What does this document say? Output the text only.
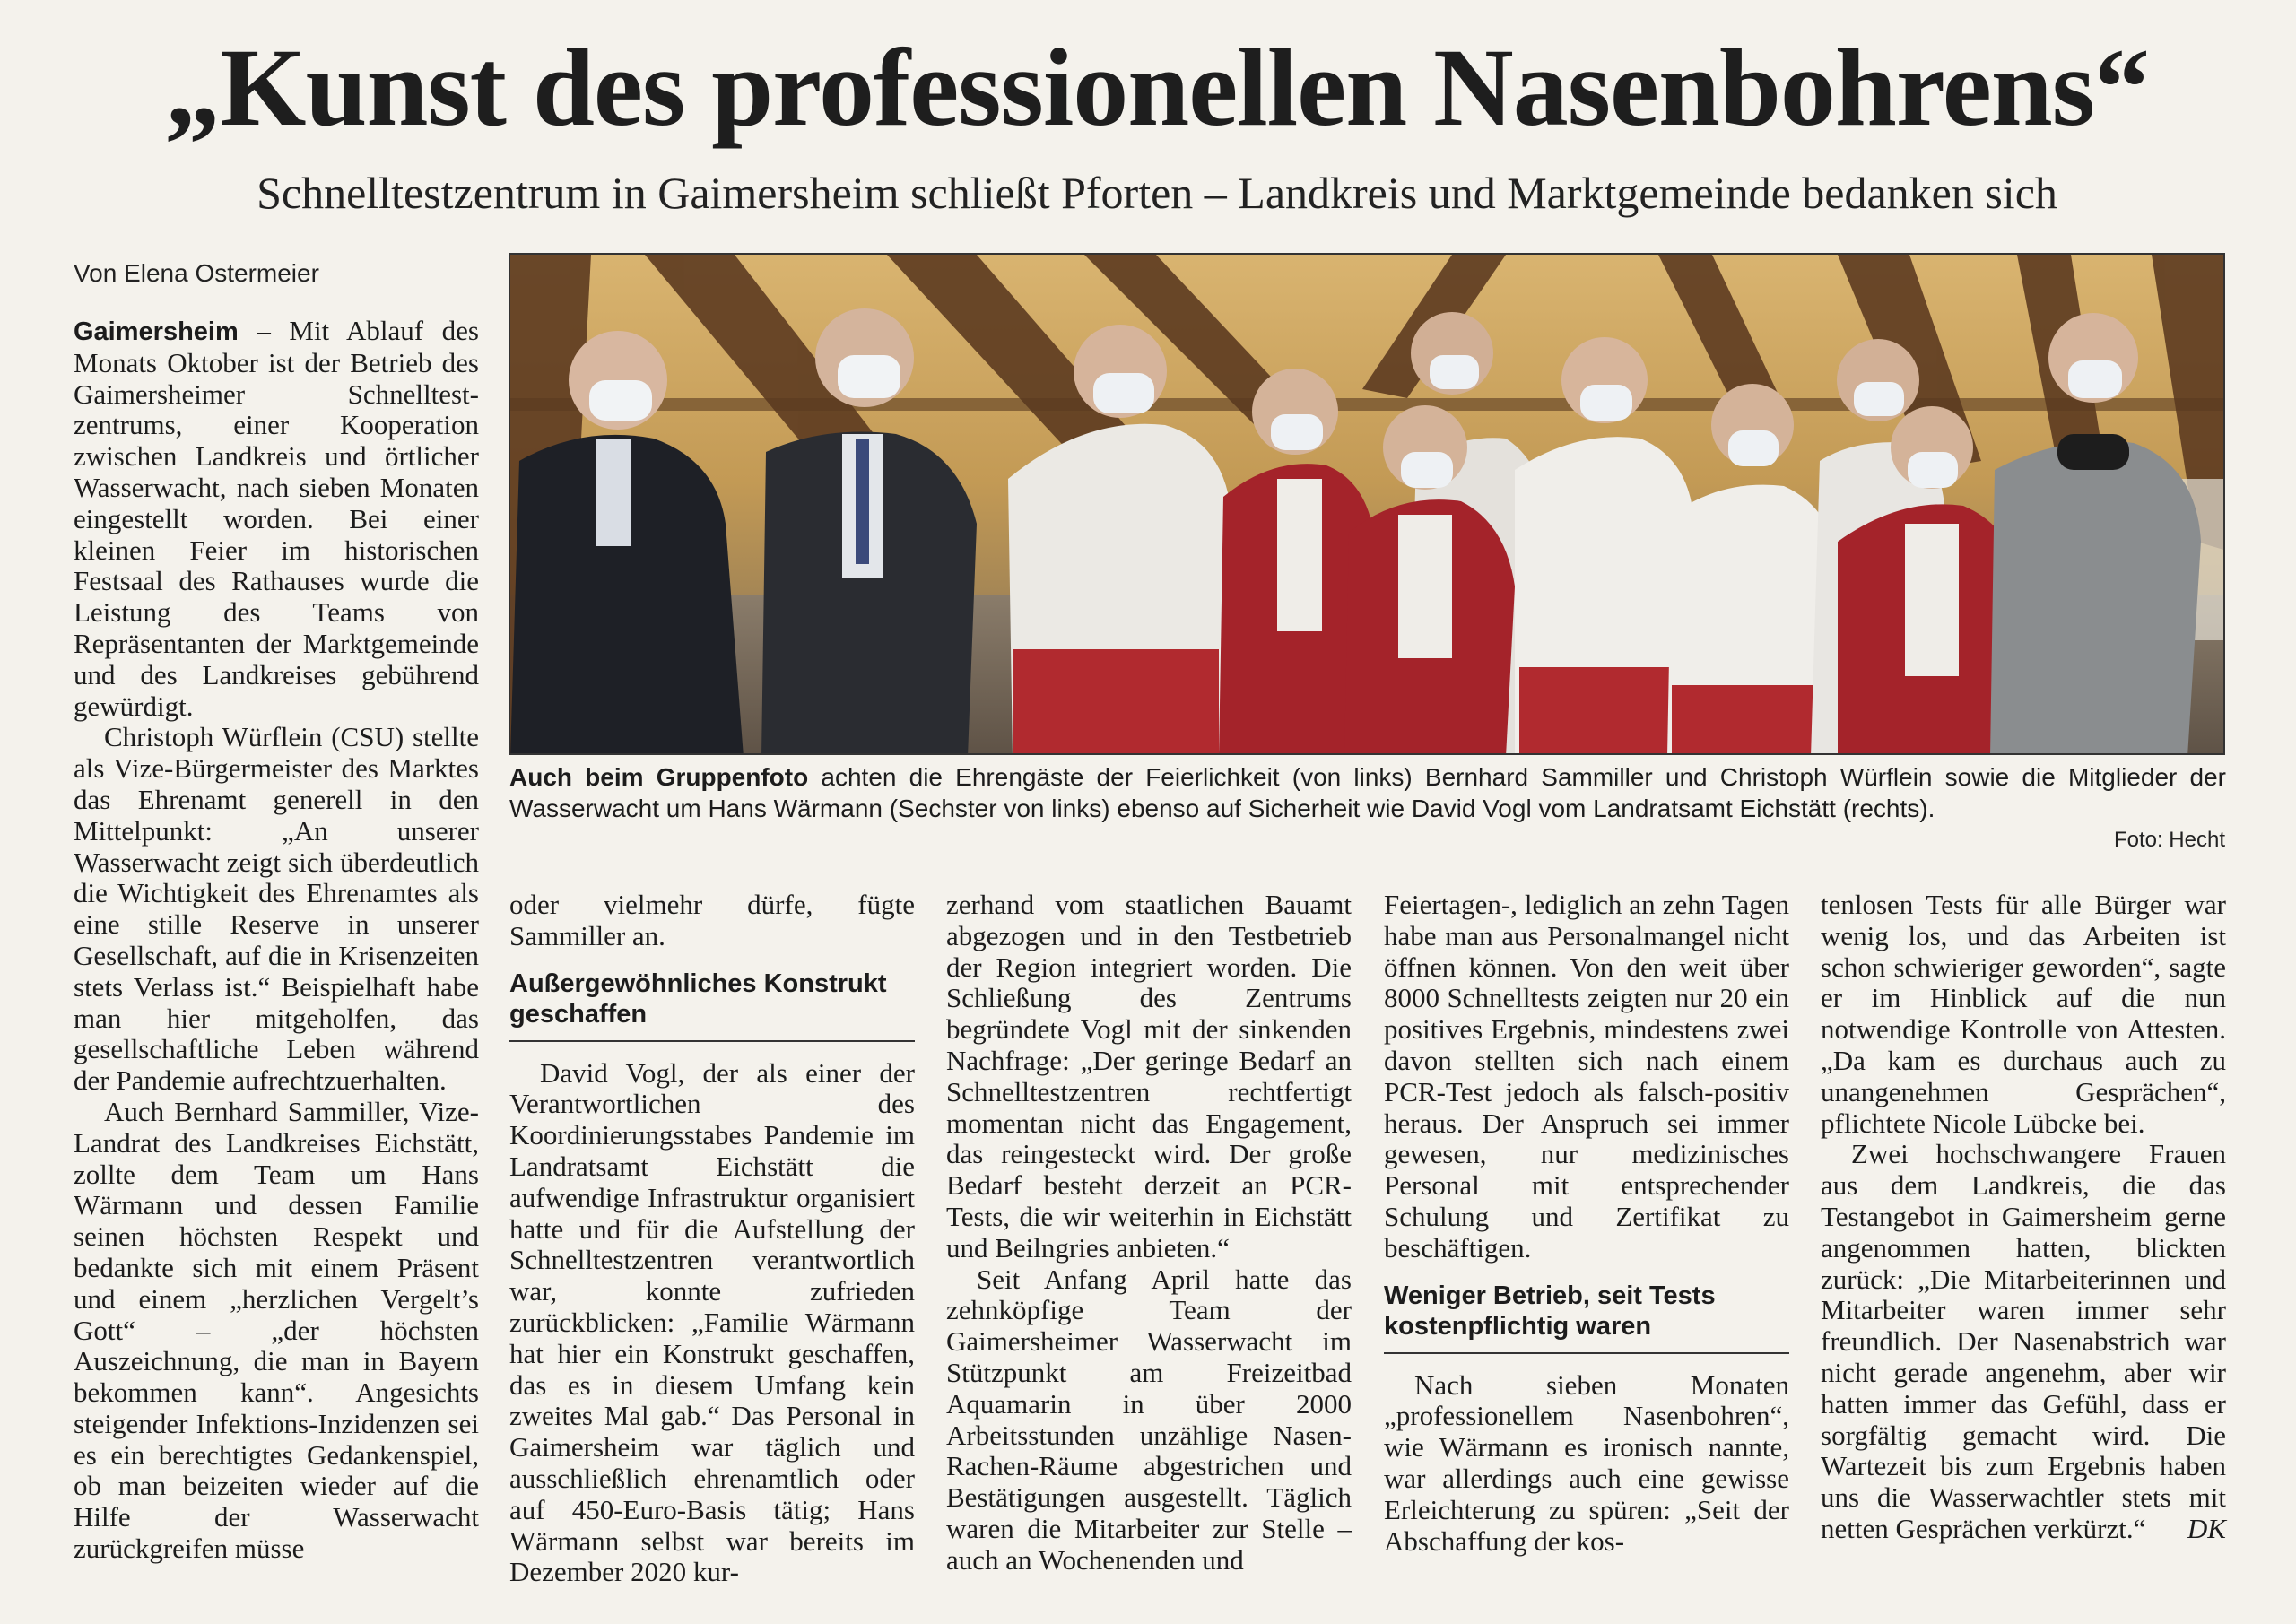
„Kunst des professionellen Nasenbohrens“
Schnelltestzentrum in Gaimersheim schließt Pforten – Landkreis und Marktgemeinde bedanken sich
Von Elena Ostermeier

Gaimersheim – Mit Ablauf des Monats Oktober ist der Betrieb des Gaimersheimer Schnelltestzentrums, einer Kooperation zwischen Landkreis und örtlicher Wasserwacht, nach sieben Monaten eingestellt worden. Bei einer kleinen Feier im historischen Festsaal des Rathauses wurde die Leistung des Teams von Repräsentanten der Marktgemeinde und des Landkreises gebührend gewürdigt.

Christoph Würflein (CSU) stellte als Vize-Bürgermeister des Marktes das Ehrenamt generell in den Mittelpunkt: „An unserer Wasserwacht zeigt sich überdeutlich die Wichtigkeit des Ehrenamtes als eine stille Reserve in unserer Gesellschaft, auf die in Krisenzeiten stets Verlass ist.“ Beispielhaft habe man hier mitgeholfen, das gesellschaftliche Leben während der Pandemie aufrechtzuerhalten.

Auch Bernhard Sammiller, Vize-Landrat des Landkreises Eichstätt, zollte dem Team um Hans Wärmann und dessen Familie seinen höchsten Respekt und bedankte sich mit einem Präsent und einem „herzlichen Vergelt’s Gott“ – „der höchsten Auszeichnung, die man in Bayern bekommen kann“. Angesichts steigender Infektions-Inzidenzen sei es ein berechtigtes Gedankenspiel, ob man beizeiten wieder auf die Hilfe der Wasserwacht zurückgreifen müsse

Auch beim Gruppenfoto achten die Ehrengäste der Feierlichkeit (von links) Bernhard Sammiller und Christoph Würflein sowie die Mitglieder der Wasserwacht um Hans Wärmann (Sechster von links) ebenso auf Sicherheit wie David Vogl vom Landratsamt Eichstätt (rechts).
Foto: Hecht

oder vielmehr dürfe, fügte Sammiller an.

Außergewöhnliches Konstrukt geschaffen

David Vogl, der als einer der Verantwortlichen des Koordinierungsstabes Pandemie im Landratsamt Eichstätt die aufwendige Infrastruktur organisiert hatte und für die Aufstellung der Schnelltestzentren verantwortlich war, konnte zufrieden zurückblicken: „Familie Wärmann hat hier ein Konstrukt geschaffen, das es in diesem Umfang kein zweites Mal gab.“ Das Personal in Gaimersheim war täglich und ausschließlich ehrenamtlich oder auf 450-Euro-Basis tätig; Hans Wärmann selbst war bereits im Dezember 2020 kur-

zerhand vom staatlichen Bauamt abgezogen und in den Testbetrieb der Region integriert worden. Die Schließung des Zentrums begründete Vogl mit der sinkenden Nachfrage: „Der geringe Bedarf an Schnelltestzentren rechtfertigt momentan nicht das Engagement, das reingesteckt wird. Der große Bedarf besteht derzeit an PCR-Tests, die wir weiterhin in Eichstätt und Beilngries anbieten.“

Seit Anfang April hatte das zehnköpfige Team der Gaimersheimer Wasserwacht im Stützpunkt am Freizeitbad Aquamarin in über 2000 Arbeitsstunden unzählige Nasen-Rachen-Räume abgestrichen und Bestätigungen ausgestellt. Täglich waren die Mitarbeiter zur Stelle – auch an Wochenenden und

Feiertagen-, lediglich an zehn Tagen habe man aus Personalmangel nicht öffnen können. Von den weit über 8000 Schnelltests zeigten nur 20 ein positives Ergebnis, mindestens zwei davon stellten sich nach einem PCR-Test jedoch als falsch-positiv heraus. Der Anspruch sei immer gewesen, nur medizinisches Personal mit entsprechender Schulung und Zertifikat zu beschäftigen.

Weniger Betrieb, seit Tests kostenpflichtig waren

Nach sieben Monaten „professionellem Nasenbohren“, wie Wärmann es ironisch nannte, war allerdings auch eine gewisse Erleichterung zu spüren: „Seit der Abschaffung der kos-

tenlosen Tests für alle Bürger war wenig los, und das Arbeiten ist schon schwieriger geworden“, sagte er im Hinblick auf die nun notwendige Kontrolle von Attesten. „Da kam es durchaus auch zu unangenehmen Gesprächen“, pflichtete Nicole Lübcke bei.

Zwei hochschwangere Frauen aus dem Landkreis, die das Testangebot in Gaimersheim gerne angenommen hatten, blickten zurück: „Die Mitarbeiterinnen und Mitarbeiter waren immer sehr freundlich. Der Nasenabstrich war nicht gerade angenehm, aber wir hatten immer das Gefühl, dass er sorgfältig gemacht wird. Die Wartezeit bis zum Ergebnis haben uns die Wasserwachtler stets mit netten Gesprächen verkürzt.“	DK
